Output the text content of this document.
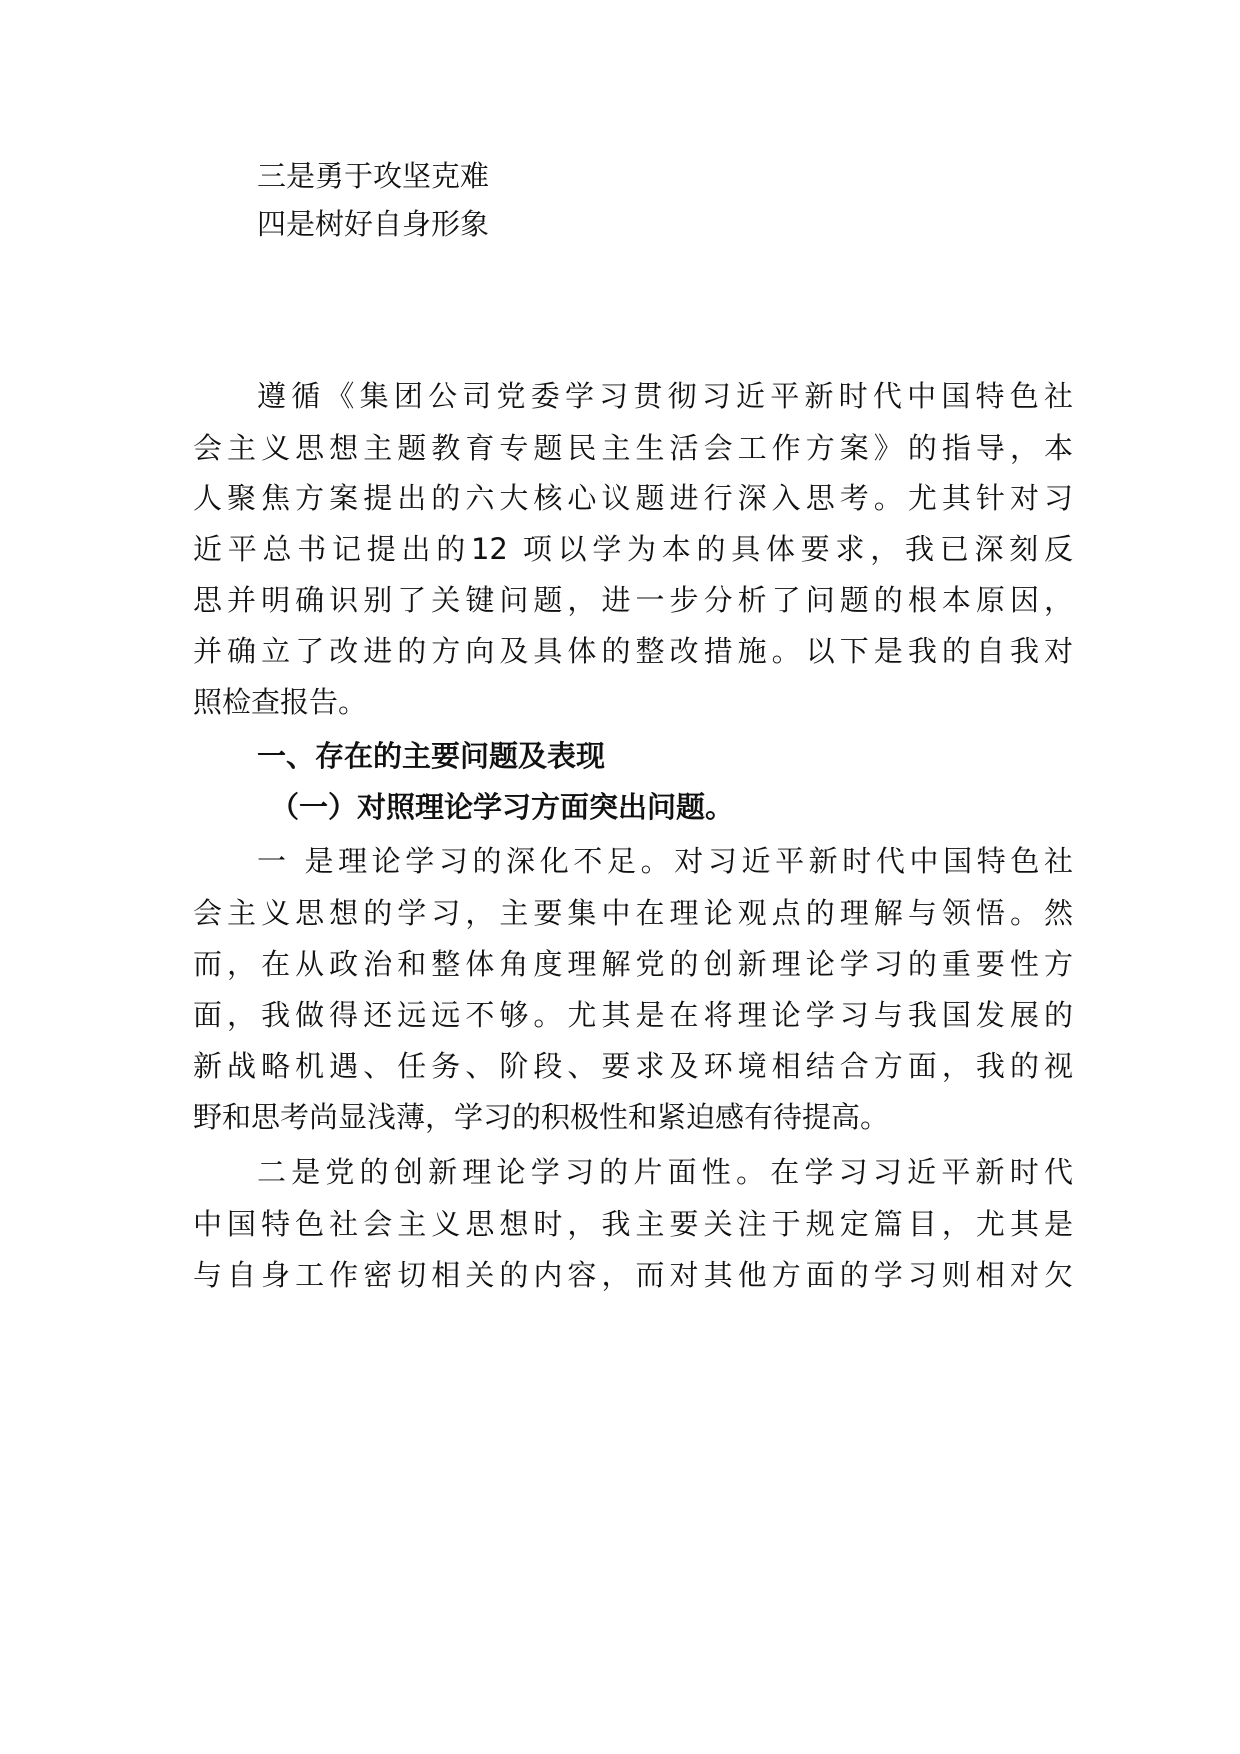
三是勇于攻坚克难
四是树好自身形象
遵循《集团公司党委学习贯彻习近平新时代中国特色社
会主义思想主题教育专题民主生活会工作方案》的指导，本
人聚焦方案提出的六大核心议题进行深入思考。尤其针对习
近平总书记提出的12 项以学为本的具体要求，我已深刻反
思并明确识别了关键问题，进一步分析了问题的根本原因，
并确立了改进的方向及具体的整改措施。以下是我的自我对
照检查报告。
一、存在的主要问题及表现
（一）对照理论学习方面突出问题。
一 是理论学习的深化不足。对习近平新时代中国特色社
会主义思想的学习，主要集中在理论观点的理解与领悟。然
而，在从政治和整体角度理解党的创新理论学习的重要性方
面，我做得还远远不够。尤其是在将理论学习与我国发展的
新战略机遇、任务、阶段、要求及环境相结合方面，我的视
野和思考尚显浅薄，学习的积极性和紧迫感有待提高。
二是党的创新理论学习的片面性。在学习习近平新时代
中国特色社会主义思想时，我主要关注于规定篇目，尤其是
与自身工作密切相关的内容，而对其他方面的学习则相对欠
